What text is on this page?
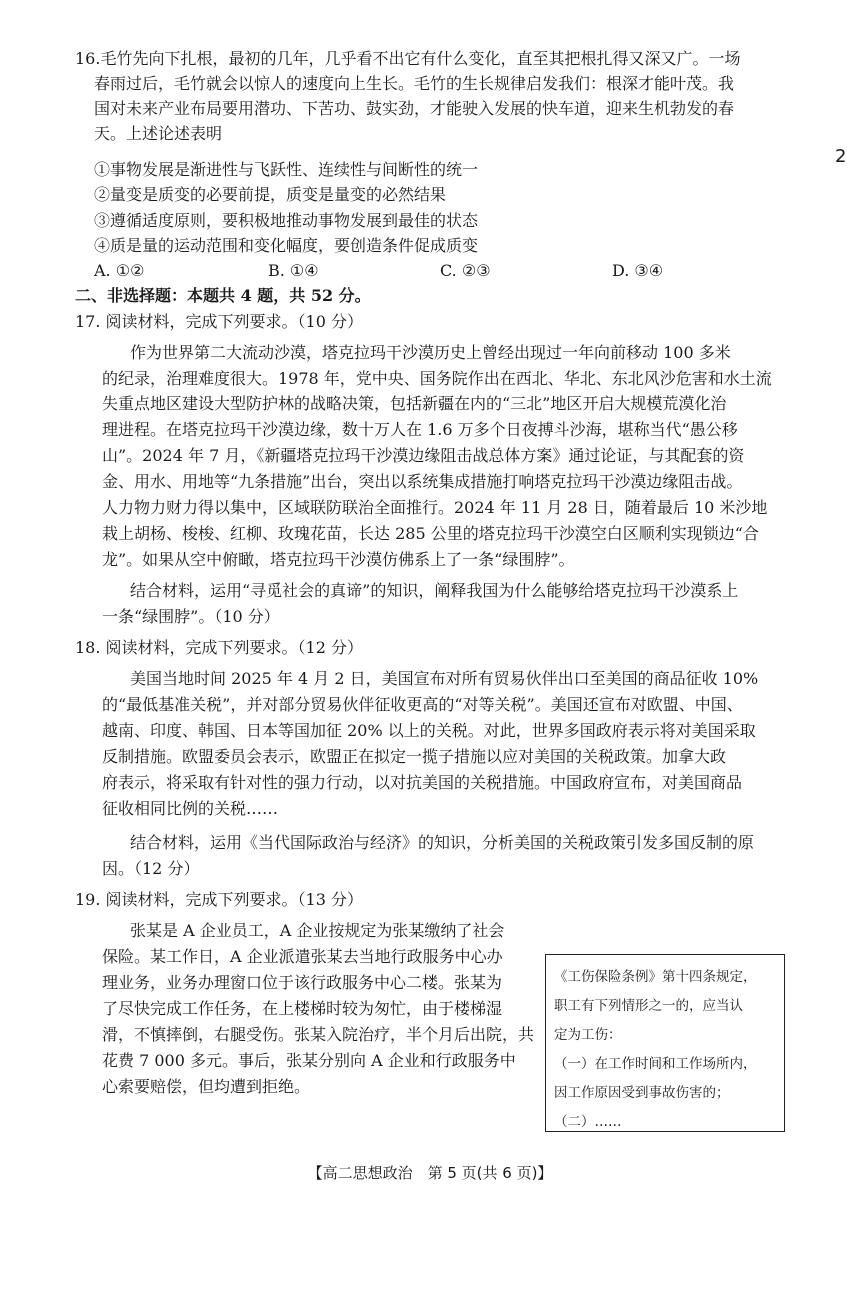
2
16.毛竹先向下扎根，最初的几年，几乎看不出它有什么变化，直至其把根扎得又深又广。一场
春雨过后，毛竹就会以惊人的速度向上生长。毛竹的生长规律启发我们：根深才能叶茂。我
国对未来产业布局要用潜功、下苦功、鼓实劲，才能驶入发展的快车道，迎来生机勃发的春
天。上述论述表明
①事物发展是渐进性与飞跃性、连续性与间断性的统一
②量变是质变的必要前提，质变是量变的必然结果
③遵循适度原则，要积极地推动事物发展到最佳的状态
④质是量的运动范围和变化幅度，要创造条件促成质变
A. ①②	B. ①④	C. ②③	D. ③④
二、非选择题：本题共 4 题，共 52 分。
17. 阅读材料，完成下列要求。（10 分）
作为世界第二大流动沙漠，塔克拉玛干沙漠历史上曾经出现过一年向前移动 100 多米
的纪录，治理难度很大。1978 年，党中央、国务院作出在西北、华北、东北风沙危害和水土流
失重点地区建设大型防护林的战略决策，包括新疆在内的“三北”地区开启大规模荒漠化治
理进程。在塔克拉玛干沙漠边缘，数十万人在 1.6 万多个日夜搏斗沙海，堪称当代“愚公移
山”。2024 年 7 月，《新疆塔克拉玛干沙漠边缘阻击战总体方案》通过论证，与其配套的资
金、用水、用地等“九条措施”出台，突出以系统集成措施打响塔克拉玛干沙漠边缘阻击战。
人力物力财力得以集中，区域联防联治全面推行。2024 年 11 月 28 日，随着最后 10 米沙地
栽上胡杨、梭梭、红柳、玫瑰花苗，长达 285 公里的塔克拉玛干沙漠空白区顺利实现锁边“合
龙”。如果从空中俯瞰，塔克拉玛干沙漠仿佛系上了一条“绿围脖”。
结合材料，运用“寻觅社会的真谛”的知识，阐释我国为什么能够给塔克拉玛干沙漠系上
一条“绿围脖”。（10 分）
18. 阅读材料，完成下列要求。（12 分）
美国当地时间 2025 年 4 月 2 日，美国宣布对所有贸易伙伴出口至美国的商品征收 10%
的“最低基准关税”，并对部分贸易伙伴征收更高的“对等关税”。美国还宣布对欧盟、中国、
越南、印度、韩国、日本等国加征 20% 以上的关税。对此，世界多国政府表示将对美国采取
反制措施。欧盟委员会表示，欧盟正在拟定一揽子措施以应对美国的关税政策。加拿大政
府表示，将采取有针对性的强力行动，以对抗美国的关税措施。中国政府宣布，对美国商品
征收相同比例的关税……
结合材料，运用《当代国际政治与经济》的知识，分析美国的关税政策引发多国反制的原
因。（12 分）
19. 阅读材料，完成下列要求。（13 分）
张某是 A 企业员工，A 企业按规定为张某缴纳了社会
保险。某工作日，A 企业派遣张某去当地行政服务中心办
理业务，业务办理窗口位于该行政服务中心二楼。张某为
了尽快完成工作任务，在上楼梯时较为匆忙，由于楼梯湿
滑，不慎摔倒，右腿受伤。张某入院治疗，半个月后出院，共
花费 7 000 多元。事后，张某分别向 A 企业和行政服务中
心索要赔偿，但均遭到拒绝。
《工伤保险条例》第十四条规定，
职工有下列情形之一的，应当认
定为工伤：
（一）在工作时间和工作场所内，
因工作原因受到事故伤害的；
（二）……
【高二思想政治　第 5 页(共 6 页)】
